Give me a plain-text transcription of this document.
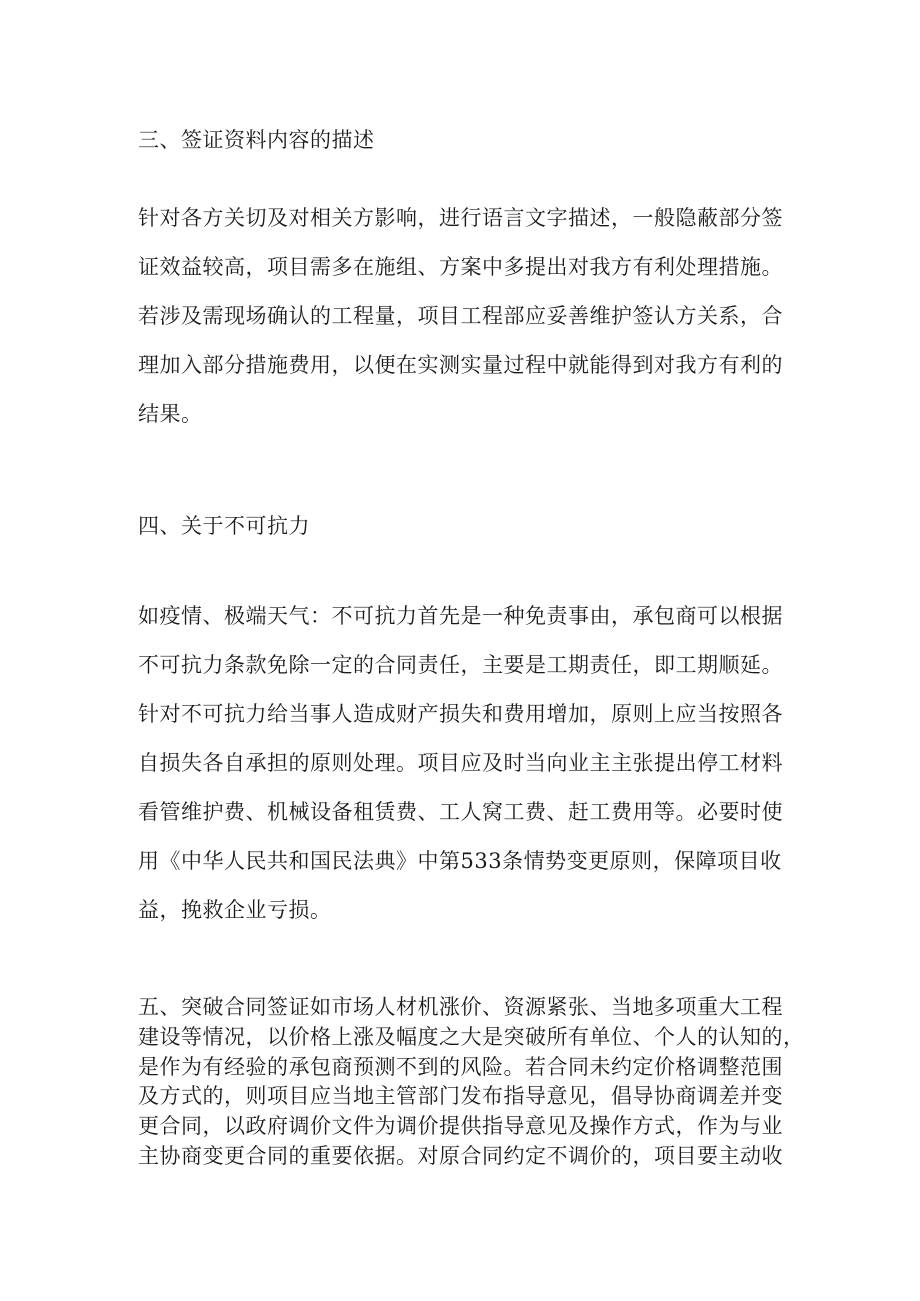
三、签证资料内容的描述
针对各方关切及对相关方影响，进行语言文字描述，一般隐蔽部分签
证效益较高，项目需多在施组、方案中多提出对我方有利处理措施。
若涉及需现场确认的工程量，项目工程部应妥善维护签认方关系，合
理加入部分措施费用，以便在实测实量过程中就能得到对我方有利的
结果。
四、关于不可抗力
如疫情、极端天气：不可抗力首先是一种免责事由，承包商可以根据
不可抗力条款免除一定的合同责任，主要是工期责任，即工期顺延。
针对不可抗力给当事人造成财产损失和费用增加，原则上应当按照各
自损失各自承担的原则处理。项目应及时当向业主主张提出停工材料
看管维护费、机械设备租赁费、工人窝工费、赶工费用等。必要时使
用《中华人民共和国民法典》中第533条情势变更原则，保障项目收
益，挽救企业亏损。
五、突破合同签证如市场人材机涨价、资源紧张、当地多项重大工程
建设等情况，以价格上涨及幅度之大是突破所有单位、个人的认知的，
是作为有经验的承包商预测不到的风险。若合同未约定价格调整范围
及方式的，则项目应当地主管部门发布指导意见，倡导协商调差并变
更合同，以政府调价文件为调价提供指导意见及操作方式，作为与业
主协商变更合同的重要依据。对原合同约定不调价的，项目要主动收
